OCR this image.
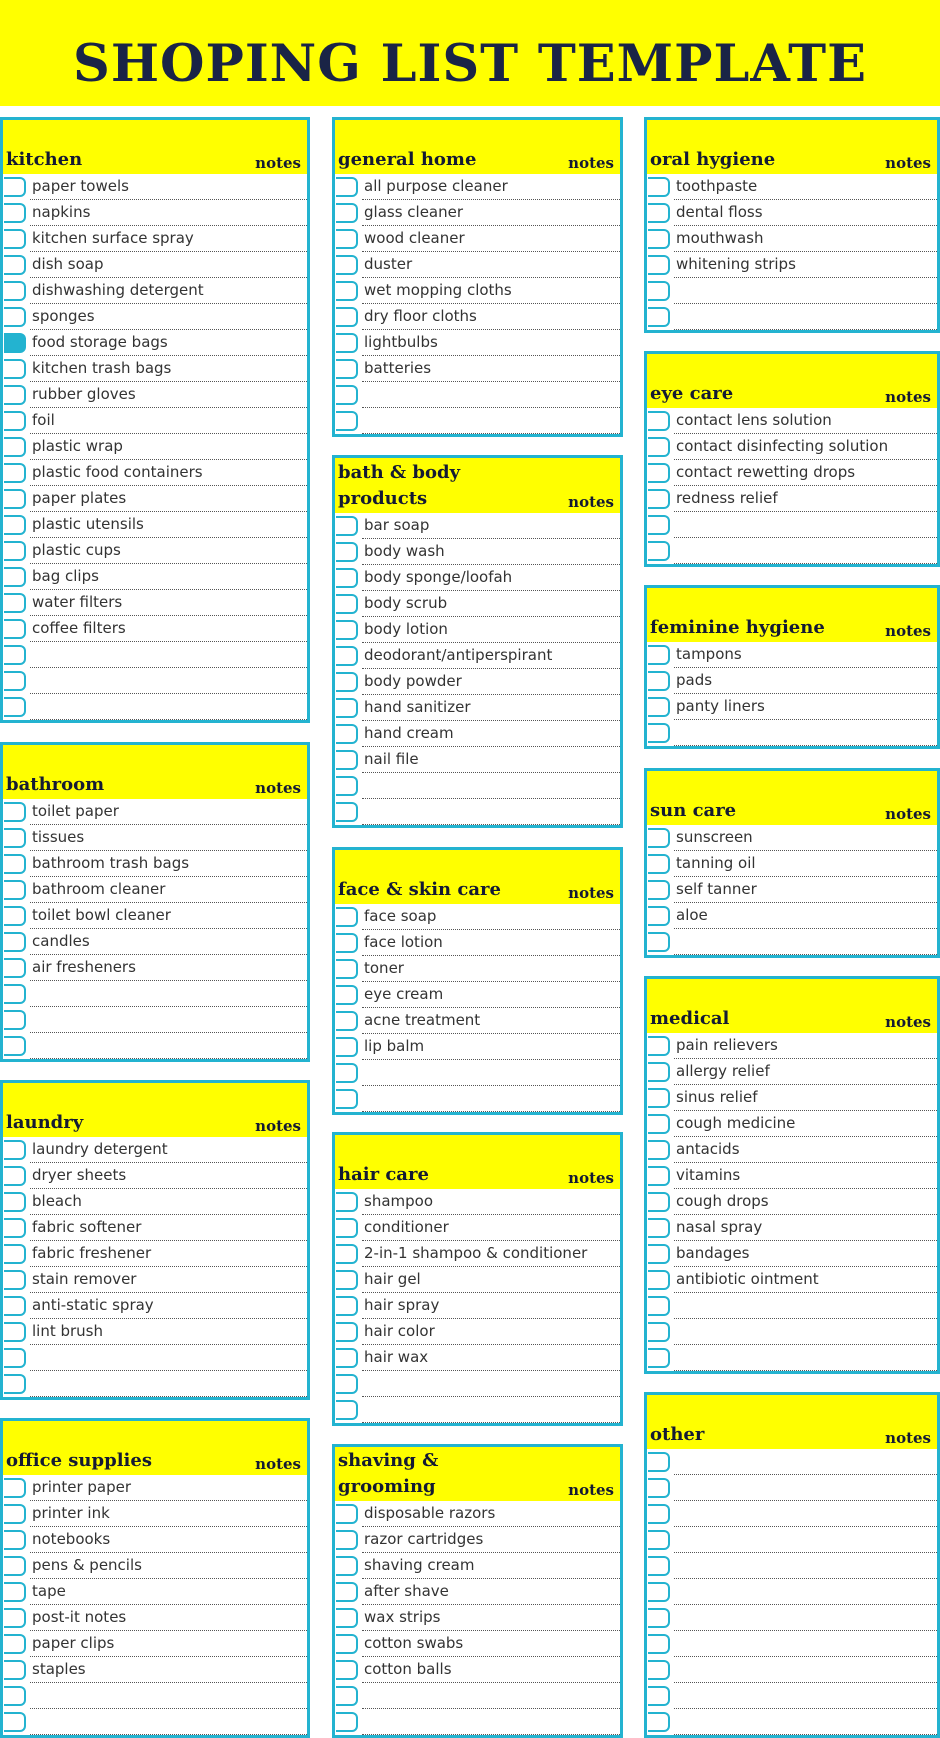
SHOPING LIST TEMPLATE
kitchen	notes
paper towels
napkins
kitchen surface spray
dish soap
dishwashing detergent
sponges
food storage bags
kitchen trash bags
rubber gloves
foil
plastic wrap
plastic food containers
paper plates
plastic utensils
plastic cups
bag clips
water filters
coffee filters
bathroom	notes
toilet paper
tissues
bathroom trash bags
bathroom cleaner
toilet bowl cleaner
candles
air fresheners
laundry	notes
laundry detergent
dryer sheets
bleach
fabric softener
fabric freshener
stain remover
anti-static spray
lint brush
office supplies	notes
printer paper
printer ink
notebooks
pens & pencils
tape
post-it notes
paper clips
staples
general home	notes
all purpose cleaner
glass cleaner
wood cleaner
duster
wet mopping cloths
dry floor cloths
lightbulbs
batteries
bath & body products	notes
bar soap
body wash
body sponge/loofah
body scrub
body lotion
deodorant/antiperspirant
body powder
hand sanitizer
hand cream
nail file
face & skin care	notes
face soap
face lotion
toner
eye cream
acne treatment
lip balm
hair care	notes
shampoo
conditioner
2-in-1 shampoo & conditioner
hair gel
hair spray
hair color
hair wax
shaving & grooming	notes
disposable razors
razor cartridges
shaving cream
after shave
wax strips
cotton swabs
cotton balls
oral hygiene	notes
toothpaste
dental floss
mouthwash
whitening strips
eye care	notes
contact lens solution
contact disinfecting solution
contact rewetting drops
redness relief
feminine hygiene	notes
tampons
pads
panty liners
sun care	notes
sunscreen
tanning oil
self tanner
aloe
medical	notes
pain relievers
allergy relief
sinus relief
cough medicine
antacids
vitamins
cough drops
nasal spray
bandages
antibiotic ointment
other	notes
